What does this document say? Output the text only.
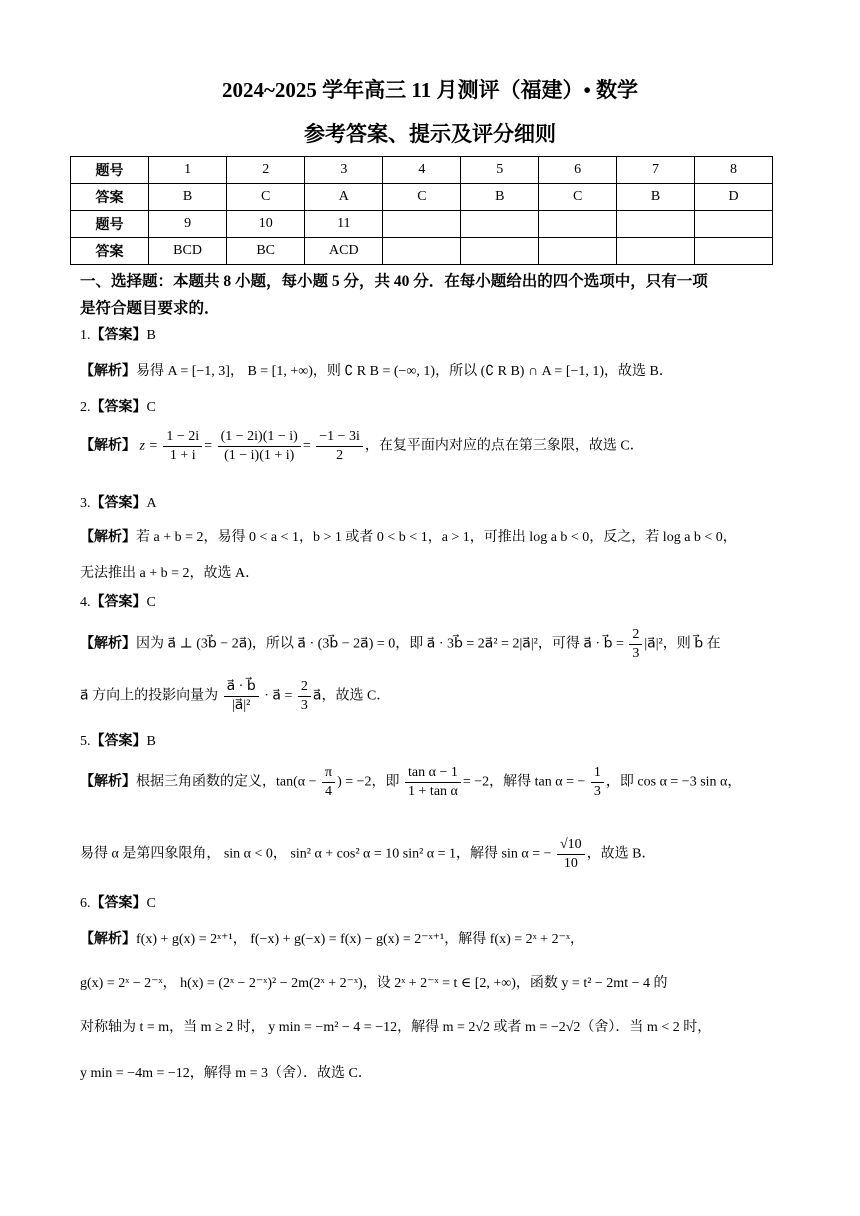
2024~2025 学年高三 11 月测评（福建）• 数学
参考答案、提示及评分细则
题号	1	2	3	4	5	6	7	8
答案	B	C	A	C	B	C	B	D
题号	9	10	11					
答案	BCD	BC	ACD					
一、选择题：本题共 8 小题，每小题 5 分，共 40 分．在每小题给出的四个选项中，只有一项
是符合题目要求的．
1.【答案】B
【解析】易得 A = [−1, 3]， B = [1, +∞)，则 ∁ R B = (−∞, 1)，所以 (∁ R B) ∩ A = [−1, 1)，故选 B．
2.【答案】C
【解析】 $z = \frac{1 - 2i}{1 + i} = \frac{(1 - 2i)(1 - i)}{(1 - i)(1 + i)} = \frac{-1 - 3i}{2}$ ，在复平面内对应的点在第三象限，故选 C．
3.【答案】A
【解析】若 a + b = 2，易得 0 < a < 1，b > 1 或者 0 < b < 1，a > 1，可推出 log a b < 0，反之，若 log a b < 0，
无法推出 a + b = 2，故选 A．
4.【答案】C
【解析】因为 a⃗ ⊥ (3b⃗ − 2a⃗)，所以 a⃗ · (3b⃗ − 2a⃗) = 0，即 a⃗ · 3b⃗ = 2a⃗² = 2|a⃗|²，可得 a⃗ · b⃗ = $\frac{2}{3}$ |a⃗|²，则 b⃗ 在
a⃗ 方向上的投影向量为 $\frac{a⃗ \cdot b⃗}{\text{|a⃗|²}}$ · a⃗ = $\frac{2}{3}$ a⃗，故选 C．
5.【答案】B
【解析】根据三角函数的定义，$\tan(\alpha - \frac{\pi}{4}$ ) = −2，即 $\frac{\text{tan α − 1}}{\text{1 + tan α}} = -2$，解得 tan α = − $\frac{1}{3}$ ，即 cos α = −3 sin α，
易得 α 是第四象限角， sin α < 0， sin² α + cos² α = 10 sin² α = 1，解得 sin α = − $\frac{√10}{10}$ ，故选 B．
6.【答案】C
【解析】f(x) + g(x) = 2ˣ⁺¹， f(−x) + g(−x) = f(x) − g(x) = 2⁻ˣ⁺¹，解得 f(x) = 2ˣ + 2⁻ˣ，
g(x) = 2ˣ − 2⁻ˣ， h(x) = (2ˣ − 2⁻ˣ)² − 2m(2ˣ + 2⁻ˣ)，设 2ˣ + 2⁻ˣ = t ∈ [2, +∞)，函数 y = t² − 2mt − 4 的
对称轴为 t = m，当 m ≥ 2 时， y min = −m² − 4 = −12，解得 m = 2√2 或者 m = −2√2（舍）．当 m < 2 时，
y min = −4m = −12，解得 m = 3（舍）．故选 C．
